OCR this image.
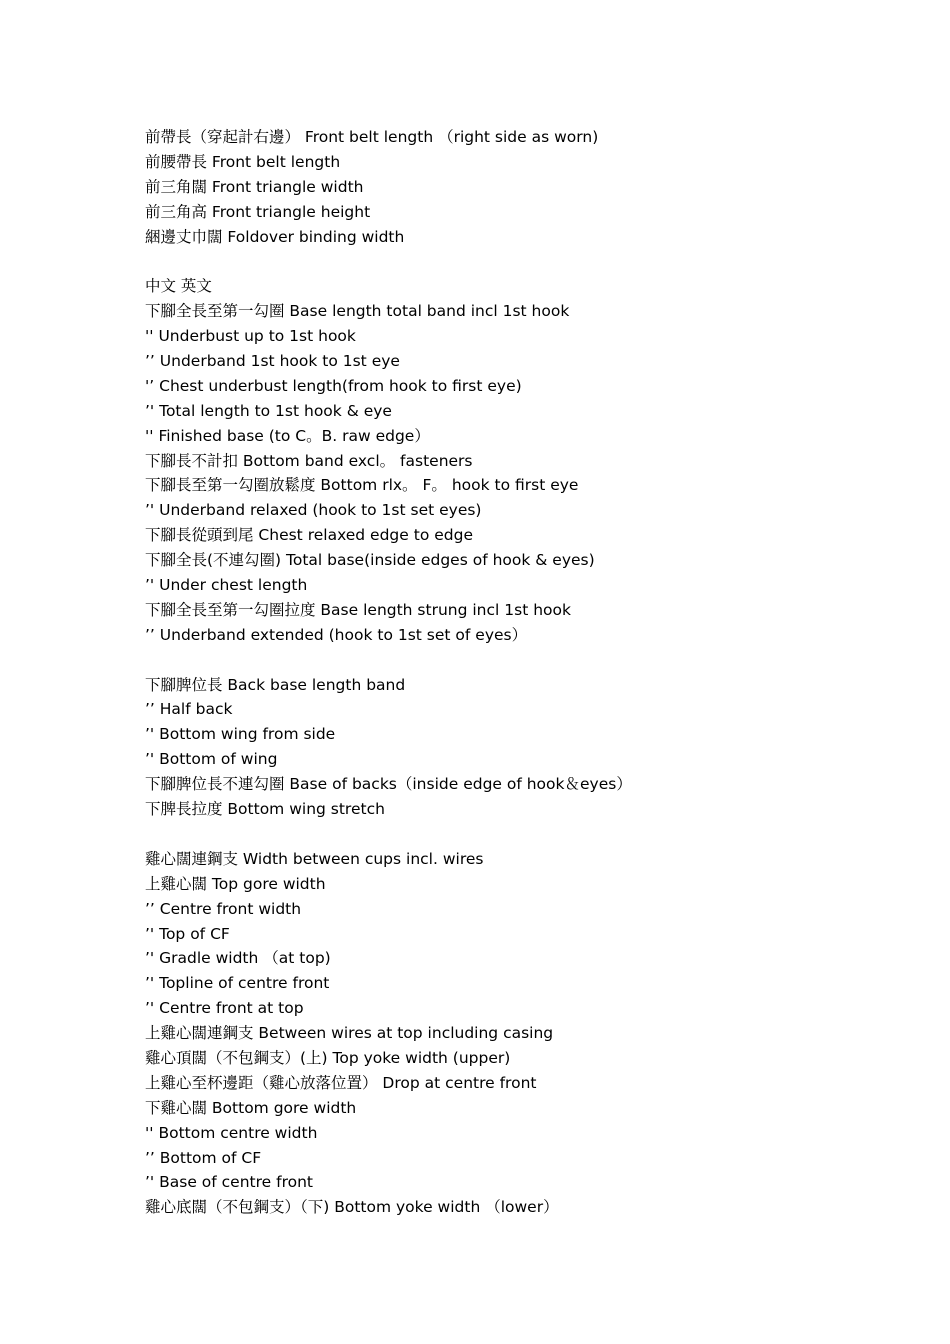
前帶長（穿起計右邊） Front belt length （right side as worn)
前腰帶長 Front belt length
前三角闊 Front triangle width
前三角高 Front triangle height
綑邊丈巾闊 Foldover binding width
中文 英文
下腳全長至第一勾圈 Base length total band incl 1st hook
'' Underbust up to 1st hook
’’ Underband 1st hook to 1st eye
'’ Chest underbust length(from hook to first eye)
’' Total length to 1st hook & eye
'' Finished base (to C。B. raw edge）
下腳長不計扣 Bottom band excl。 fasteners
下腳長至第一勾圈放鬆度 Bottom rlx。 F。 hook to first eye
’' Underband relaxed (hook to 1st set eyes)
下腳長從頭到尾 Chest relaxed edge to edge
下腳全長(不連勾圈) Total base(inside edges of hook & eyes)
’' Under chest length
下腳全長至第一勾圈拉度 Base length strung incl 1st hook
’’ Underband extended (hook to 1st set of eyes）
下腳脾位長 Back base length band
’’ Half back
’' Bottom wing from side
’' Bottom of wing
下腳脾位長不連勾圈 Base of backs（inside edge of hook＆eyes）
下脾長拉度 Bottom wing stretch
雞心闊連鋼支 Width between cups incl. wires
上雞心闊 Top gore width
’’ Centre front width
’' Top of CF
’' Gradle width （at top)
’' Topline of centre front
’' Centre front at top
上雞心闊連鋼支 Between wires at top including casing
雞心頂闊（不包鋼支）(上) Top yoke width (upper)
上雞心至杯邊距（雞心放落位置） Drop at centre front
下雞心闊 Bottom gore width
'' Bottom centre width
’’ Bottom of CF
’' Base of centre front
雞心底闊（不包鋼支）（下) Bottom yoke width （lower）
